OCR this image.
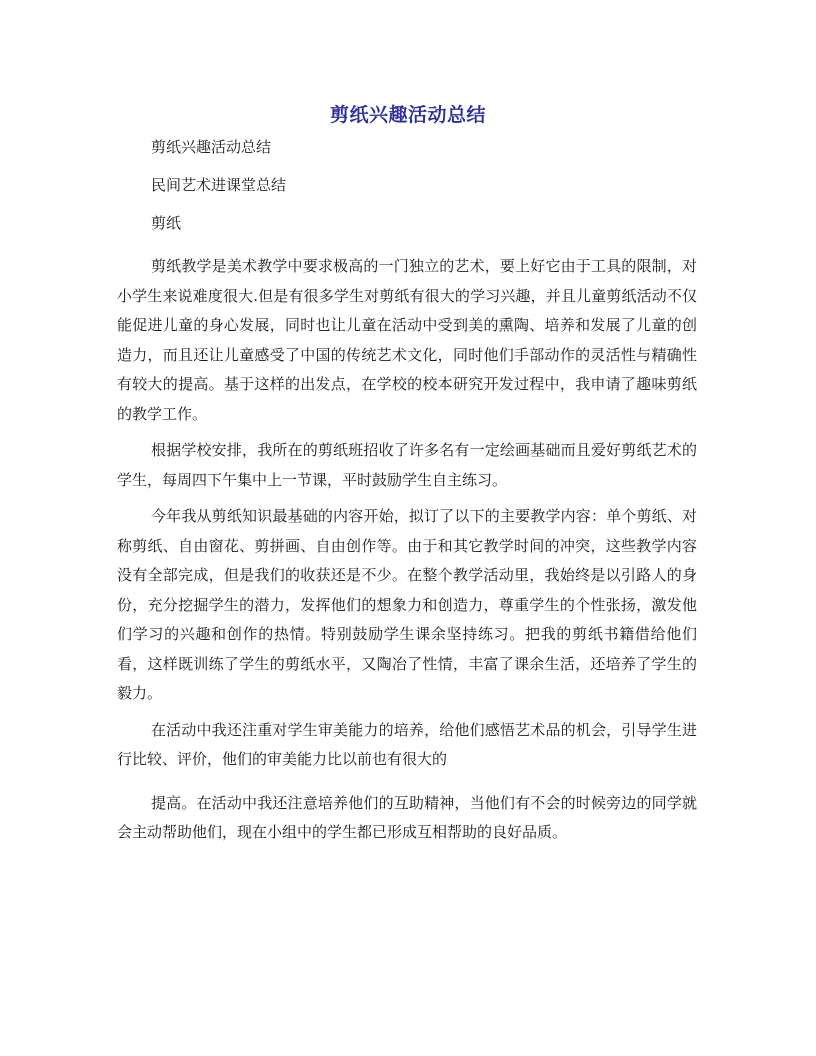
剪纸兴趣活动总结

剪纸兴趣活动总结

民间艺术进课堂总结

剪纸

剪纸教学是美术教学中要求极高的一门独立的艺术，要上好它由于工具的限制，对小学生来说难度很大.但是有很多学生对剪纸有很大的学习兴趣，并且儿童剪纸活动不仅能促进儿童的身心发展，同时也让儿童在活动中受到美的熏陶、培养和发展了儿童的创造力，而且还让儿童感受了中国的传统艺术文化，同时他们手部动作的灵活性与精确性有较大的提高。基于这样的出发点，在学校的校本研究开发过程中，我申请了趣味剪纸的教学工作。

根据学校安排，我所在的剪纸班招收了许多名有一定绘画基础而且爱好剪纸艺术的学生，每周四下午集中上一节课，平时鼓励学生自主练习。

今年我从剪纸知识最基础的内容开始，拟订了以下的主要教学内容：单个剪纸、对称剪纸、自由窗花、剪拼画、自由创作等。由于和其它教学时间的冲突，这些教学内容没有全部完成，但是我们的收获还是不少。在整个教学活动里，我始终是以引路人的身份，充分挖掘学生的潜力，发挥他们的想象力和创造力，尊重学生的个性张扬，激发他们学习的兴趣和创作的热情。特别鼓励学生课余坚持练习。把我的剪纸书籍借给他们看，这样既训练了学生的剪纸水平，又陶冶了性情，丰富了课余生活，还培养了学生的毅力。

在活动中我还注重对学生审美能力的培养，给他们感悟艺术品的机会，引导学生进行比较、评价，他们的审美能力比以前也有很大的

提高。在活动中我还注意培养他们的互助精神，当他们有不会的时候旁边的同学就会主动帮助他们，现在小组中的学生都已形成互相帮助的良好品质。
